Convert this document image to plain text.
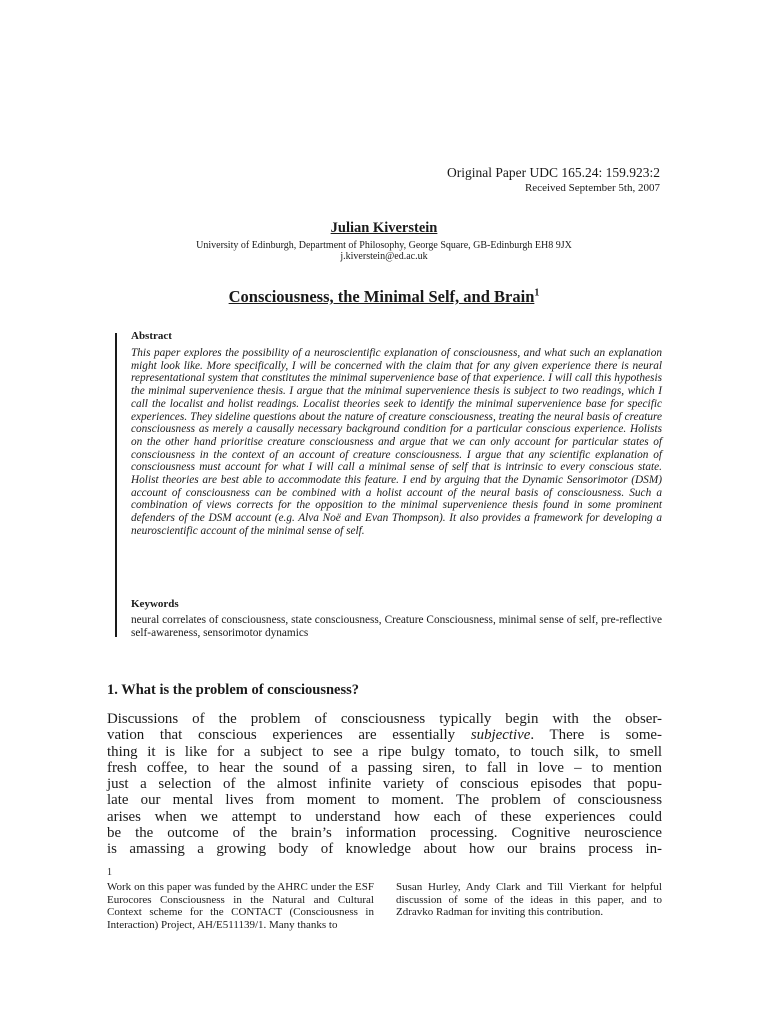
Original Paper UDC 165.24: 159.923:2
Received September 5th, 2007
Julian Kiverstein
University of Edinburgh, Department of Philosophy, George Square, GB-Edinburgh EH8 9JX
j.kiverstein@ed.ac.uk
Consciousness, the Minimal Self, and Brain$^1$
Abstract
This paper explores the possibility of a neuroscientific explanation of consciousness, and what such an explanation might look like. More specifically, I will be concerned with the claim that for any given experience there is neural representational system that constitutes the minimal supervenience base of that experience. I will call this hypothesis the minimal supervenience thesis. I argue that the minimal supervenience thesis is subject to two readings, which I call the localist and holist readings. Localist theories seek to identify the minimal supervenience base for specific experiences. They sideline questions about the nature of creature consciousness, treating the neural basis of creature consciousness as merely a causally necessary background condition for a particular conscious experience. Holists on the other hand prioritise creature consciousness and argue that we can only account for particular states of consciousness in the context of an account of creature consciousness. I argue that any scientific explanation of consciousness must account for what I will call a minimal sense of self that is intrinsic to every conscious state. Holist theories are best able to accommodate this feature. I end by arguing that the Dynamic Sensorimotor (DSM) account of consciousness can be combined with a holist account of the neural basis of consciousness. Such a combination of views corrects for the opposition to the minimal supervenience thesis found in some prominent defenders of the DSM account (e.g. Alva Noë and Evan Thompson). It also provides a framework for developing a neuroscientific account of the minimal sense of self.
Keywords
neural correlates of consciousness, state consciousness, Creature Consciousness, minimal sense of self, pre-reflective self-awareness, sensorimotor dynamics
1. What is the problem of consciousness?
Discussions of the problem of consciousness typically begin with the obser-
vation that conscious experiences are essentially subjective. There is some-
thing it is like for a subject to see a ripe bulgy tomato, to touch silk, to smell
fresh coffee, to hear the sound of a passing siren, to fall in love – to mention
just a selection of the almost infinite variety of conscious episodes that popu-
late our mental lives from moment to moment. The problem of consciousness
arises when we attempt to understand how each of these experiences could
be the outcome of the brain’s information processing. Cognitive neuroscience
is amassing a growing body of knowledge about how our brains process in-
1
Work on this paper was funded by the AHRC under the ESF Eurocores Consciousness in the Natural and Cultural Context scheme for the CONTACT (Consciousness in Interaction) Project, AH/E511139/1. Many thanks to
Susan Hurley, Andy Clark and Till Vierkant for helpful discussion of some of the ideas in this paper, and to Zdravko Radman for inviting this contribution.
